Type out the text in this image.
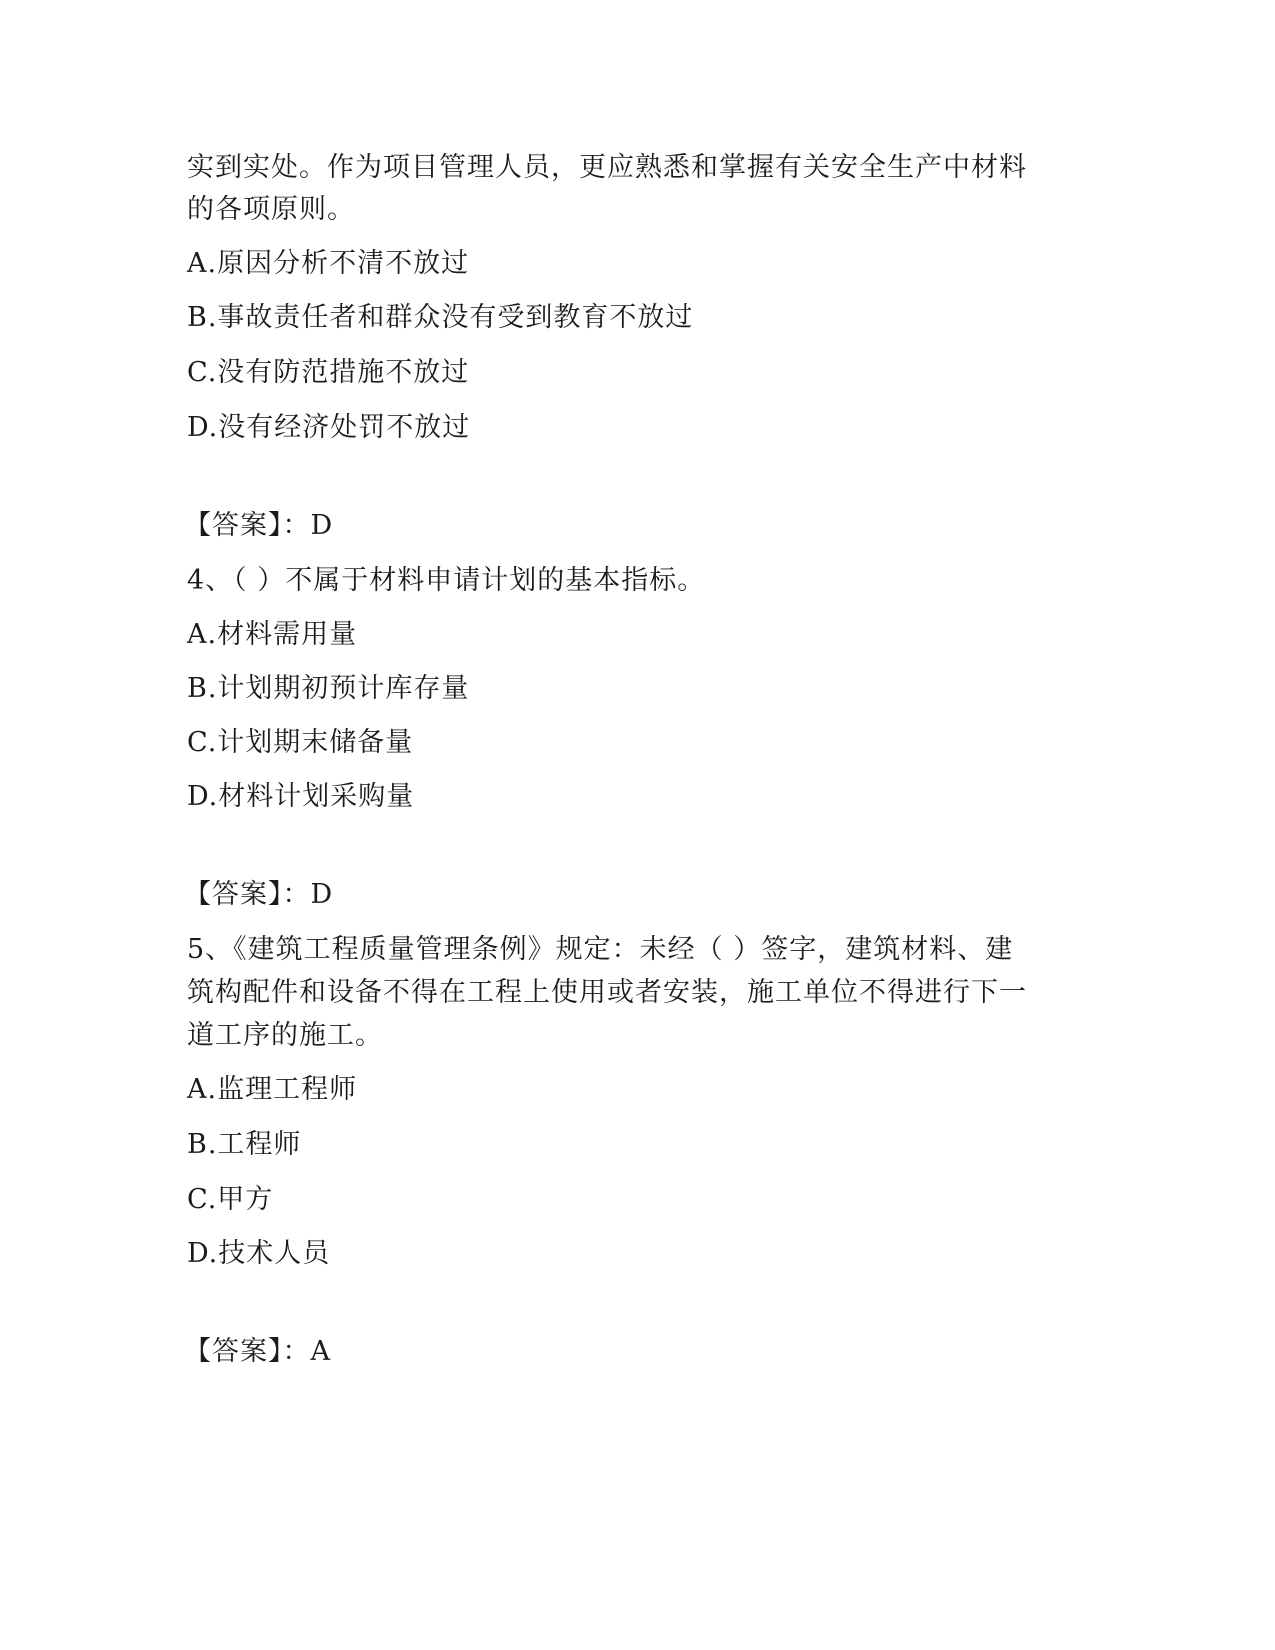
实到实处。作为项目管理人员，更应熟悉和掌握有关安全生产中材料
的各项原则。
A.原因分析不清不放过
B.事故责任者和群众没有受到教育不放过
C.没有防范措施不放过
D.没有经济处罚不放过
【答案】：D
4、（ ）不属于材料申请计划的基本指标。
A.材料需用量
B.计划期初预计库存量
C.计划期末储备量
D.材料计划采购量
【答案】：D
5、《建筑工程质量管理条例》规定：未经（ ）签字，建筑材料、建
筑构配件和设备不得在工程上使用或者安装，施工单位不得进行下一
道工序的施工。
A.监理工程师
B.工程师
C.甲方
D.技术人员
【答案】：A
